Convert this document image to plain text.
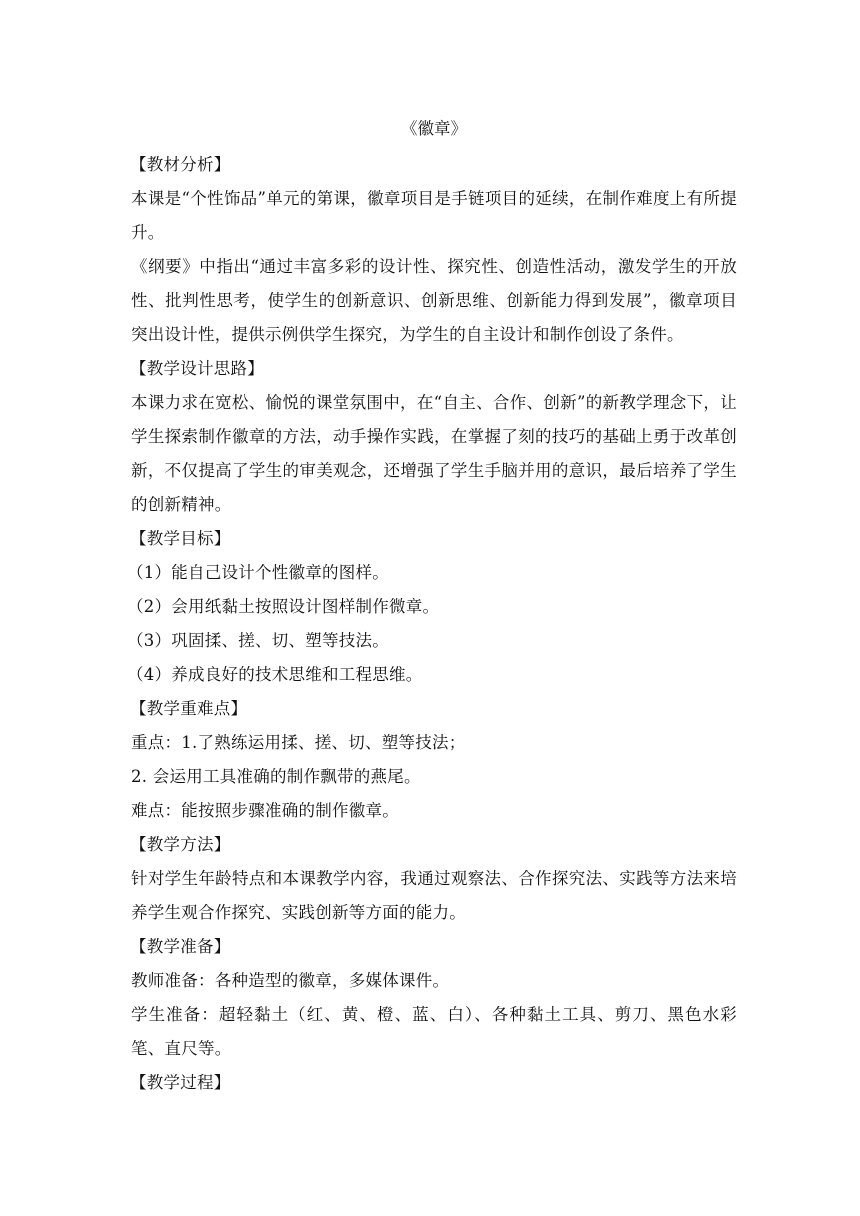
《徽章》
【教材分析】
本课是“个性饰品”单元的第课，徽章项目是手链项目的延续，在制作难度上有所提升。
《纲要》中指出“通过丰富多彩的设计性、探究性、创造性活动，激发学生的开放性、批判性思考，使学生的创新意识、创新思维、创新能力得到发展”，徽章项目突出设计性，提供示例供学生探究，为学生的自主设计和制作创设了条件。
【教学设计思路】
本课力求在宽松、愉悦的课堂氛围中，在“自主、合作、创新”的新教学理念下，让学生探索制作徽章的方法，动手操作实践，在掌握了刻的技巧的基础上勇于改革创新，不仅提高了学生的审美观念，还增强了学生手脑并用的意识，最后培养了学生的创新精神。
【教学目标】
（1）能自己设计个性徽章的图样。
（2）会用纸黏土按照设计图样制作微章。
（3）巩固揉、搓、切、塑等技法。
（4）养成良好的技术思维和工程思维。
【教学重难点】
重点：1.了熟练运用揉、搓、切、塑等技法；
2. 会运用工具准确的制作飘带的燕尾。
难点：能按照步骤准确的制作徽章。
【教学方法】
针对学生年龄特点和本课教学内容，我通过观察法、合作探究法、实践等方法来培养学生观合作探究、实践创新等方面的能力。
【教学准备】
教师准备：各种造型的徽章，多媒体课件。
学生准备：超轻黏土（红、黄、橙、蓝、白）、各种黏土工具、剪刀、黑色水彩笔、直尺等。
【教学过程】
